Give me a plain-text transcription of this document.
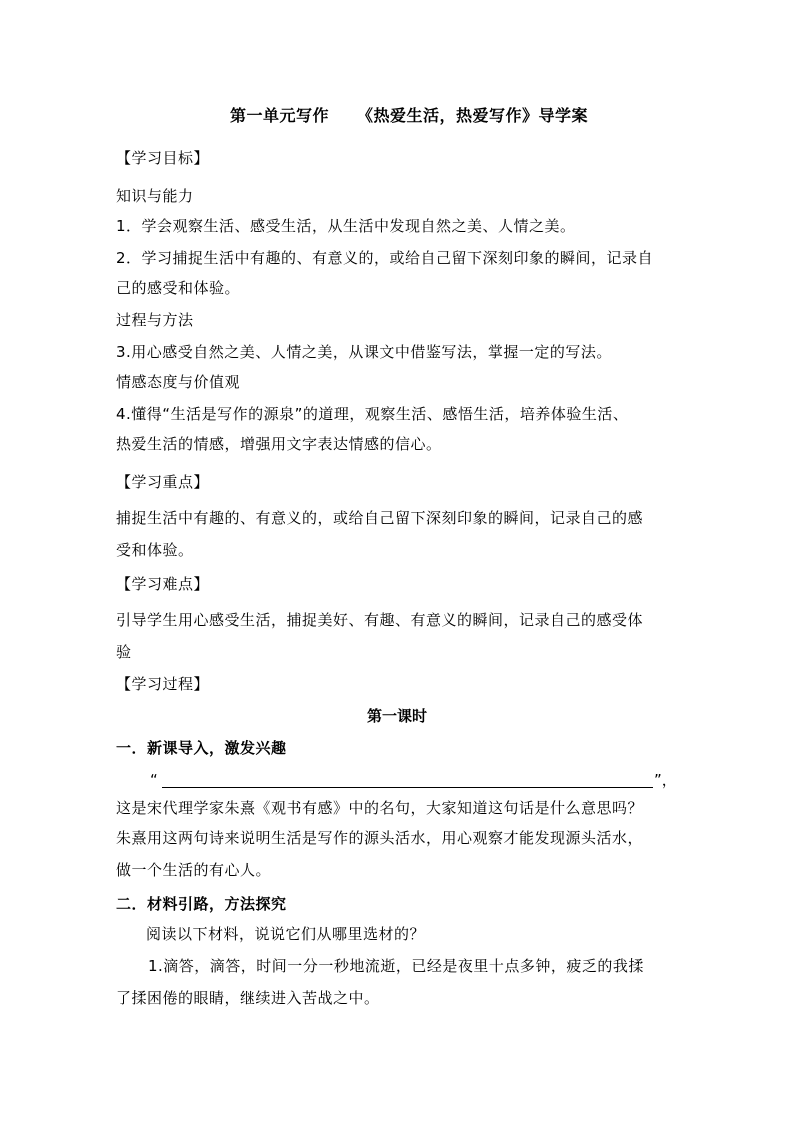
第一单元写作 《热爱生活，热爱写作》导学案
【学习目标】
知识与能力
1．学会观察生活、感受生活，从生活中发现自然之美、人情之美。
2．学习捕捉生活中有趣的、有意义的，或给自己留下深刻印象的瞬间，记录自
己的感受和体验。
过程与方法
3.用心感受自然之美、人情之美，从课文中借鉴写法，掌握一定的写法。
情感态度与价值观
4.懂得“生活是写作的源泉”的道理，观察生活、感悟生活，培养体验生活、
热爱生活的情感，增强用文字表达情感的信心。
【学习重点】
捕捉生活中有趣的、有意义的，或给自己留下深刻印象的瞬间，记录自己的感
受和体验。
【学习难点】
引导学生用心感受生活，捕捉美好、有趣、有意义的瞬间，记录自己的感受体
验
【学习过程】
第一课时
一．新课导入，激发兴趣
“	”，
这是宋代理学家朱熹《观书有感》中的名句，大家知道这句话是什么意思吗？
朱熹用这两句诗来说明生活是写作的源头活水，用心观察才能发现源头活水，
做一个生活的有心人。
二．材料引路，方法探究
阅读以下材料，说说它们从哪里选材的？
1.滴答，滴答，时间一分一秒地流逝，已经是夜里十点多钟，疲乏的我揉
了揉困倦的眼睛，继续进入苦战之中。
